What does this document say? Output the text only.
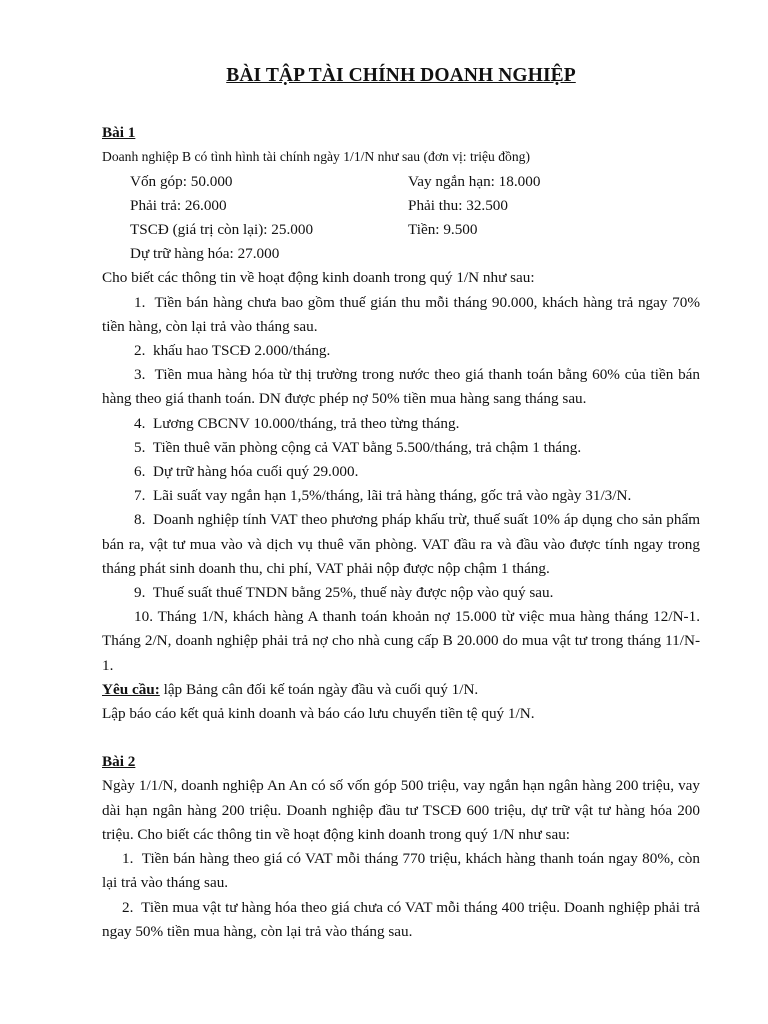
BÀI TẬP TÀI CHÍNH DOANH NGHIỆP
Bài 1
Doanh nghiệp B có tình hình tài chính ngày 1/1/N như sau (đơn vị: triệu đồng)
Vốn góp: 50.000	Vay ngắn hạn: 18.000
Phải trả: 26.000	Phải thu: 32.500
TSCĐ (giá trị còn lại): 25.000	Tiền: 9.500
Dự trữ hàng hóa: 27.000
Cho biết các thông tin về hoạt động kinh doanh trong quý 1/N như sau:
1. Tiền bán hàng chưa bao gồm thuế gián thu mỗi tháng 90.000, khách hàng trả ngay 70% tiền hàng, còn lại trả vào tháng sau.
2. khấu hao TSCĐ 2.000/tháng.
3. Tiền mua hàng hóa từ thị trường trong nước theo giá thanh toán bằng 60% của tiền bán hàng theo giá thanh toán. DN được phép nợ 50% tiền mua hàng sang tháng sau.
4. Lương CBCNV 10.000/tháng, trả theo từng tháng.
5. Tiền thuê văn phòng cộng cả VAT bằng 5.500/tháng, trả chậm 1 tháng.
6. Dự trữ hàng hóa cuối quý 29.000.
7. Lãi suất vay ngắn hạn 1,5%/tháng, lãi trả hàng tháng, gốc trả vào ngày 31/3/N.
8. Doanh nghiệp tính VAT theo phương pháp khấu trừ, thuế suất 10% áp dụng cho sản phẩm bán ra, vật tư mua vào và dịch vụ thuê văn phòng. VAT đầu ra và đầu vào được tính ngay trong tháng phát sinh doanh thu, chi phí, VAT phải nộp được nộp chậm 1 tháng.
9. Thuế suất thuế TNDN bằng 25%, thuế này được nộp vào quý sau.
10. Tháng 1/N, khách hàng A thanh toán khoản nợ 15.000 từ việc mua hàng tháng 12/N-1. Tháng 2/N, doanh nghiệp phải trả nợ cho nhà cung cấp B 20.000 do mua vật tư trong tháng 11/N-1.
Yêu cầu: lập Bảng cân đối kế toán ngày đầu và cuối quý 1/N.
Lập báo cáo kết quả kinh doanh và báo cáo lưu chuyển tiền tệ quý 1/N.
Bài 2
Ngày 1/1/N, doanh nghiệp An An có số vốn góp 500 triệu, vay ngắn hạn ngân hàng 200 triệu, vay dài hạn ngân hàng 200 triệu. Doanh nghiệp đầu tư TSCĐ 600 triệu, dự trữ vật tư hàng hóa 200 triệu. Cho biết các thông tin về hoạt động kinh doanh trong quý 1/N như sau:
1. Tiền bán hàng theo giá có VAT mỗi tháng 770 triệu, khách hàng thanh toán ngay 80%, còn lại trả vào tháng sau.
2. Tiền mua vật tư hàng hóa theo giá chưa có VAT mỗi tháng 400 triệu. Doanh nghiệp phải trả ngay 50% tiền mua hàng, còn lại trả vào tháng sau.
